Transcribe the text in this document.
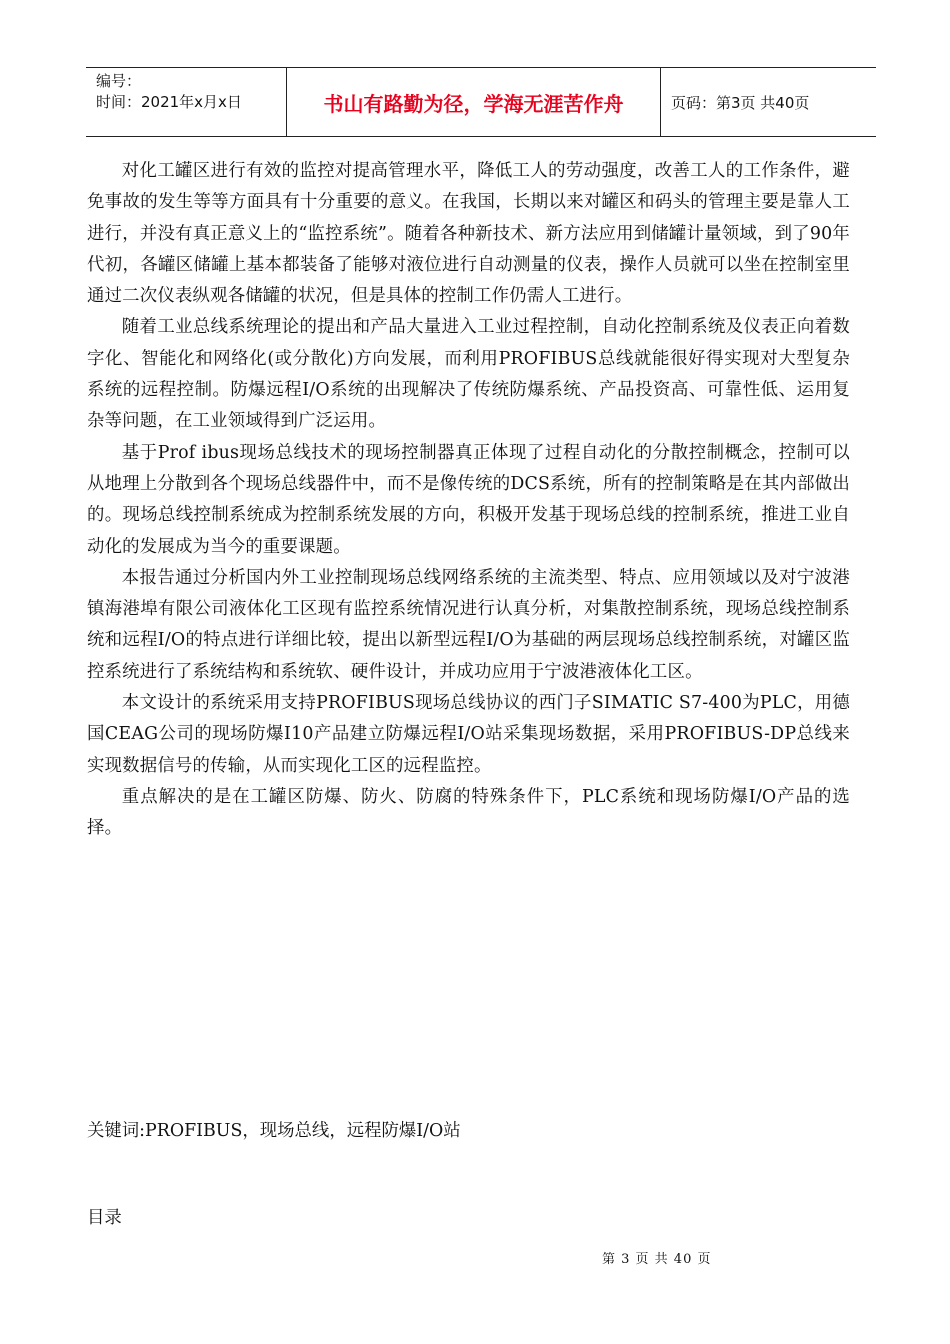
编号：
时间：2021年x月x日	书山有路勤为径，学海无涯苦作舟	页码：第3页 共40页

对化工罐区进行有效的监控对提高管理水平，降低工人的劳动强度，改善工人的工作条件，避免事故的发生等等方面具有十分重要的意义。在我国，长期以来对罐区和码头的管理主要是靠人工进行，并没有真正意义上的“监控系统”。随着各种新技术、新方法应用到储罐计量领域，到了90年代初，各罐区储罐上基本都装备了能够对液位进行自动测量的仪表，操作人员就可以坐在控制室里通过二次仪表纵观各储罐的状况，但是具体的控制工作仍需人工进行。

随着工业总线系统理论的提出和产品大量进入工业过程控制，自动化控制系统及仪表正向着数字化、智能化和网络化(或分散化)方向发展，而利用PROFIBUS总线就能很好得实现对大型复杂系统的远程控制。防爆远程I/O系统的出现解决了传统防爆系统、产品投资高、可靠性低、运用复杂等问题，在工业领域得到广泛运用。

基于Prof ibus现场总线技术的现场控制器真正体现了过程自动化的分散控制概念，控制可以从地理上分散到各个现场总线器件中，而不是像传统的DCS系统，所有的控制策略是在其内部做出的。现场总线控制系统成为控制系统发展的方向，积极开发基于现场总线的控制系统，推进工业自动化的发展成为当今的重要课题。

本报告通过分析国内外工业控制现场总线网络系统的主流类型、特点、应用领域以及对宁波港镇海港埠有限公司液体化工区现有监控系统情况进行认真分析，对集散控制系统，现场总线控制系统和远程I/O的特点进行详细比较，提出以新型远程I/O为基础的两层现场总线控制系统，对罐区监控系统进行了系统结构和系统软、硬件设计，并成功应用于宁波港液体化工区。

本文设计的系统采用支持PROFIBUS现场总线协议的西门子SIMATIC S7-400为PLC，用德国CEAG公司的现场防爆I10产品建立防爆远程I/O站采集现场数据，采用PROFIBUS-DP总线来实现数据信号的传输，从而实现化工区的远程监控。

重点解决的是在工罐区防爆、防火、防腐的特殊条件下，PLC系统和现场防爆I/O产品的选择。

关键词:PROFIBUS，现场总线，远程防爆I/O站
目录
第 3 页 共 40 页
